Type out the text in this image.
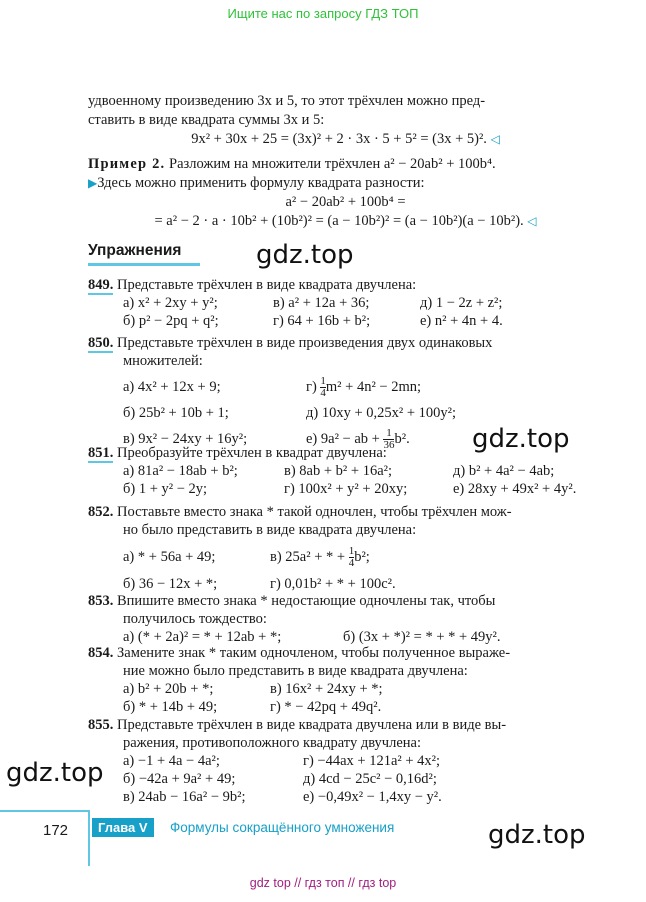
Ищите нас по запросу ГДЗ ТОП
удвоенному произведению 3x и 5, то этот трёхчлен можно пред-
ставить в виде квадрата суммы 3x и 5:
9x² + 30x + 25 = (3x)² + 2 · 3x · 5 + 5² = (3x + 5)². ◁
Пример 2. Разложим на множители трёхчлен a² − 20ab² + 100b⁴.
▶Здесь можно применить формулу квадрата разности:
a² − 20ab² + 100b⁴ =
= a² − 2 · a · 10b² + (10b²)² = (a − 10b²)² = (a − 10b²)(a − 10b²). ◁
Упражнения
849. Представьте трёхчлен в виде квадрата двучлена:
а) x² + 2xy + y²;	в) a² + 12a + 36;	д) 1 − 2z + z²;
б) p² − 2pq + q²;	г) 64 + 16b + b²;	е) n² + 4n + 4.
850. Представьте трёхчлен в виде произведения двух одинаковых
множителей:
а) 4x² + 12x + 9;	$г) \frac{1}{4} m^2 + 4n^2 - 2mn$;
б) 25b² + 10b + 1;	д) 10xy + 0,25x² + 100y²;
в) 9x² − 24xy + 16y²;	е) 9a² − ab + $\frac{1}{36} b^2$.
851. Преобразуйте трёхчлен в квадрат двучлена:
а) 81a² − 18ab + b²;	в) 8ab + b² + 16a²;	д) b² + 4a² − 4ab;
б) 1 + y² − 2y;	г) 100x² + y² + 20xy;	е) 28xy + 49x² + 4y².
852. Поставьте вместо знака * такой одночлен, чтобы трёхчлен мож-
но было представить в виде квадрата двучлена:
а) * + 56a + 49;	в) 25a² + * + $\frac{1}{4} b^2$;
б) 36 − 12x + *;	г) 0,01b² + * + 100c².
853. Впишите вместо знака * недостающие одночлены так, чтобы
получилось тождество:
а) (* + 2a)² = * + 12ab + *;	б) (3x + *)² = * + * + 49y².
854. Замените знак * таким одночленом, чтобы полученное выраже-
ние можно было представить в виде квадрата двучлена:
а) b² + 20b + *;	в) 16x² + 24xy + *;
б) * + 14b + 49;	г) * − 42pq + 49q².
855. Представьте трёхчлен в виде квадрата двучлена или в виде вы-
ражения, противоположного квадрату двучлена:
а) −1 + 4a − 4a²;	г) −44ax + 121a² + 4x²;
б) −42a + 9a² + 49;	д) 4cd − 25c² − 0,16d²;
в) 24ab − 16a² − 9b²;	е) −0,49x² − 1,4xy − y².
gdz.top
gdz.top
gdz.top
gdz.top
172	Глава V	Формулы сокращённого умножения
gdz top // гдз топ // гдз top
